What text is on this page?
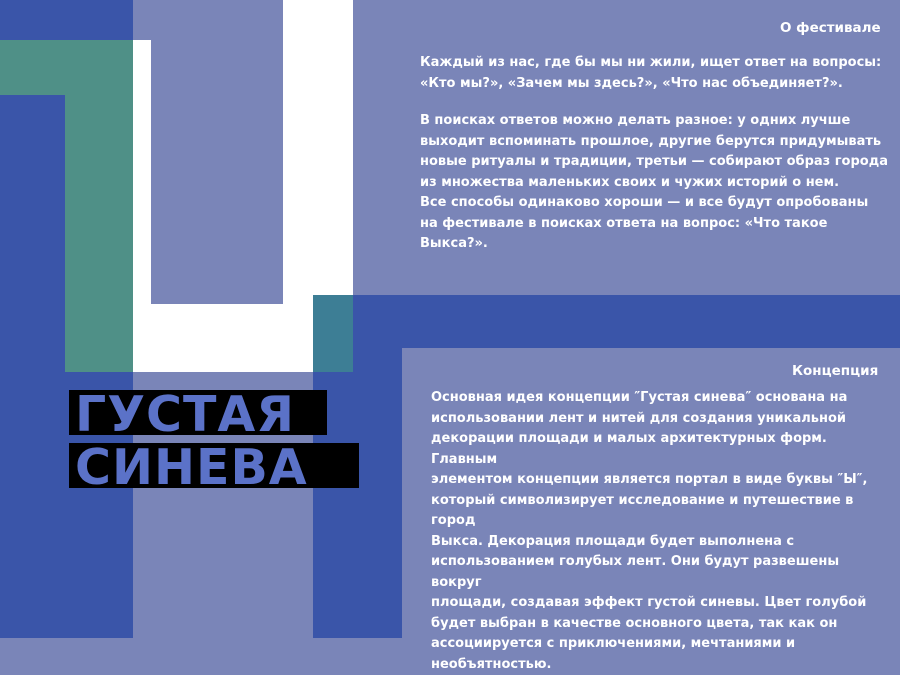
ГУСТАЯ
СИНЕВА

О фестивале

Каждый из нас, где бы мы ни жили, ищет ответ на вопросы:
«Кто мы?», «Зачем мы здесь?», «Что нас объединяет?».

В поисках ответов можно делать разное: у одних лучше
выходит вспоминать прошлое, другие берутся придумывать
новые ритуалы и традиции, третьи — собирают образ города
из множества маленьких своих и чужих историй о нем.
Все способы одинаково хороши — и все будут опробованы
на фестивале в поисках ответа на вопрос: «Что такое Выкса?».

Концепция

Основная идея концепции ″Густая синева″ основана на
использовании лент и нитей для создания уникальной
декорации площади и малых архитектурных форм. Главным
элементом концепции является портал в виде буквы ″Ы″,
который символизирует исследование и путешествие в город
Выкса. Декорация площади будет выполнена с
использованием голубых лент. Они будут развешены вокруг
площади, создавая эффект густой синевы. Цвет голубой
будет выбран в качестве основного цвета, так как он
ассоциируется с приключениями, мечтаниями и
необъятностью.
